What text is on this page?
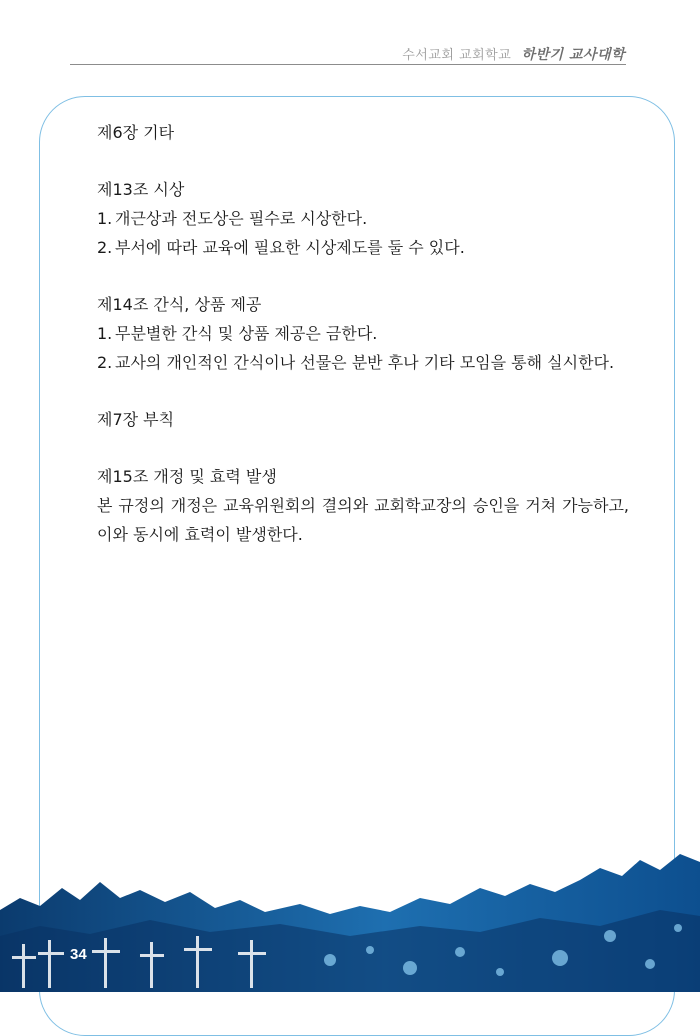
수서교회 교회학교 하반기 교사대학

제6장 기타

제13조 시상

1. 개근상과 전도상은 필수로 시상한다.
2. 부서에 따라 교육에 필요한 시상제도를 둘 수 있다.

제14조 간식, 상품 제공

1. 무분별한 간식 및 상품 제공은 금한다.
2. 교사의 개인적인 간식이나 선물은 분반 후나 기타 모임을 통해 실시한다.

제7장 부칙

제15조 개정 및 효력 발생

본 규정의 개정은 교육위원회의 결의와 교회학교장의 승인을 거쳐 가능하고, 이와 동시에 효력이 발생한다.
34
